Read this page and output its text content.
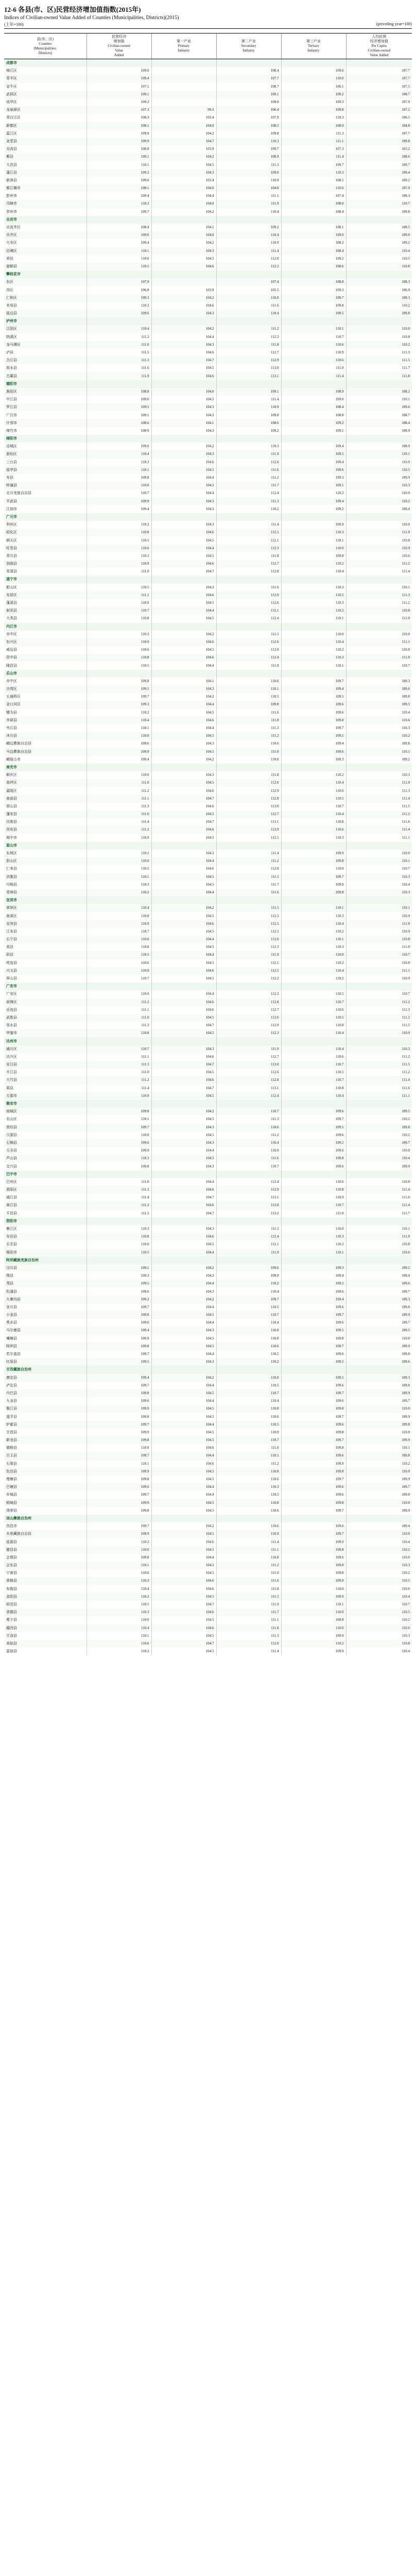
12-6 各县(市、区)民营经济增加值指数(2015年)
Indices of Civilian-owned Value Added of Counties (Municipalities, Districts)(2015)
(上年=100)	(preceding year=100)
县(市、区)
Counties
(Municipalities,
Districts)	民营经济
增加值
Civilian-owned
Value
Added	第一产业
Primary
Industry	第二产业
Secondary
Industry	第三产业
Tertiary
Industry	人均民营
经济增加值
Per Capita
Civilian-owned
Value Added
成都市					
锦江区	109.0		108.4	109.6	107.7
青羊区	109.4		107.7	110.0	107.7
金牛区	107.1		108.7	106.1	107.5
武侯区	109.1		109.1	109.2	108.7
成华区	109.2		109.0	109.3	107.9
龙泉驿区	107.3	99.3	106.4	109.8	107.2
青白江区	108.3	103.4	107.9	110.3	106.5
新都区	108.1	104.0	108.5	108.9	104.8
温江区	109.9	104.2	109.8	111.3	107.7
金堂县	109.9	104.7	110.3	111.1	109.8
双流县	108.8	103.9	109.7	107.3	103.2
郫县	109.1	104.2	108.9	111.4	108.6
大邑县	110.1	104.5	111.3	109.7	109.7
蒲江县	109.2	104.3	109.0	110.3	109.4
新津县	109.6	103.4	110.9	108.5	109.2
都江堰市	108.1	104.0	104.8	110.6	107.9
彭州市	109.4	104.4	111.1	107.4	108.3
邛崃市	110.3	104.0	111.9	108.0	110.7
崇州市	109.7	104.2	110.4	108.4	109.8
自贡市					
自流井区	108.4	104.1	109.2	108.1	108.5
贡井区	109.6	104.0	110.4	109.0	109.0
大安区	109.4	104.2	110.9	108.2	109.2
沿滩区	110.1	104.3	111.4	108.4	110.4
荣县	110.6	104.5	112.0	109.2	110.5
富顺县	110.5	104.6	112.2	108.6	110.8
攀枝花市					
东区	107.9		107.4	108.8	108.3
西区	106.8	103.9	105.5	109.3	106.9
仁和区	109.3	104.2	110.0	109.7	109.3
米易县	110.2	104.6	111.6	109.8	110.2
盐边县	109.6	104.3	110.4	109.5	109.8
泸州市					
江阳区	110.4	104.2	111.2	110.1	110.0
纳溪区	111.2	104.4	112.3	110.7	110.8
龙马潭区	111.0	104.3	111.8	110.6	110.2
泸县	111.5	104.6	112.7	110.9	111.3
合江县	111.3	104.7	112.9	110.6	111.5
叙永县	111.6	104.5	113.0	111.0	111.7
古蔺县	111.9	104.6	113.1	111.4	111.8
德阳市					
旌阳区	108.8	104.0	109.1	108.9	108.2
中江县	109.6	104.5	111.4	109.0	110.1
罗江县	109.5	104.3	110.9	108.4	109.6
广汉市	109.1	104.2	109.8	108.8	108.7
什邡市	108.6	104.1	108.6	109.2	108.4
绵竹市	108.9	104.3	109.2	109.1	108.9
绵阳市					
涪城区	109.6	104.2	110.3	109.4	108.9
游仙区	110.4	104.3	111.9	109.5	110.1
三台县	110.3	104.6	112.0	109.4	110.9
盐亭县	110.1	104.5	111.6	109.6	110.5
安县	109.8	104.4	111.2	109.3	109.9
梓潼县	110.0	104.5	111.7	109.1	110.3
北川羌族自治县	110.7	104.4	112.4	110.2	110.9
平武县	109.9	104.3	111.3	109.4	110.2
江油市	109.4	104.3	110.2	109.2	109.4
广元市					
利州区	110.2	104.3	111.4	109.9	110.0
昭化区	110.8	104.6	112.5	110.3	111.0
朝天区	110.5	104.5	112.1	110.1	110.8
旺苍县	110.6	104.4	112.3	110.0	110.9
青川县	110.3	104.5	111.8	109.8	110.6
剑阁县	110.9	104.6	112.7	110.2	111.2
苍溪县	111.0	104.7	112.8	110.4	111.4
遂宁市					
船山区	110.5	104.3	111.6	110.3	110.1
安居区	111.1	104.6	112.9	110.5	111.3
蓬溪县	110.9	104.5	112.6	110.3	111.2
射洪县	110.7	104.4	112.1	110.2	110.8
大英县	110.8	104.5	112.4	110.1	111.0
内江市					
市中区	110.3	104.2	111.5	110.0	110.0
东兴区	110.9	104.6	112.6	110.4	111.1
威远县	110.6	104.5	112.0	110.2	110.8
资中县	110.8	104.6	112.4	110.3	111.0
隆昌县	110.5	104.4	111.9	110.1	110.7
乐山市					
市中区	109.8	104.1	110.6	109.7	109.3
沙湾区	109.5	104.3	110.1	109.4	109.6
五通桥区	109.7	104.2	110.5	109.5	109.8
金口河区	109.3	104.4	109.8	109.6	109.5
犍为县	110.2	104.5	111.6	109.6	110.4
井研县	110.4	104.6	111.8	109.8	110.6
夹江县	110.1	104.4	111.3	109.7	110.3
沐川县	110.0	104.5	111.2	109.5	110.2
峨边彝族自治县	109.6	104.3	110.6	109.4	109.8
马边彝族自治县	109.9	104.5	111.0	109.6	110.1
峨眉山市	109.4	104.2	110.0	109.3	109.2
南充市					
顺庆区	110.6	104.3	111.8	110.2	110.3
高坪区	111.0	104.5	112.6	110.4	111.0
嘉陵区	111.2	104.6	112.9	110.6	111.3
南部县	111.1	104.7	112.8	110.5	111.4
营山县	111.3	104.6	113.0	110.7	111.5
蓬安县	111.0	104.5	112.7	110.4	111.2
仪陇县	111.4	104.7	113.1	110.8	111.6
西充县	111.2	104.6	112.9	110.6	111.4
阆中市	110.9	104.5	112.5	110.3	111.1
眉山市					
东坡区	110.2	104.3	111.4	109.9	110.0
彭山区	110.0	104.4	111.2	109.8	110.1
仁寿县	110.5	104.6	112.0	110.0	110.7
洪雅县	110.1	104.5	111.5	109.7	110.3
丹棱县	110.3	104.5	111.7	109.9	110.4
青神县	110.2	104.4	111.6	109.8	110.3
宜宾市					
翠屏区	110.4	104.2	111.5	110.1	110.1
南溪区	110.8	104.5	112.3	110.3	110.9
宜宾县	110.9	104.6	112.5	110.4	111.0
江安县	110.7	104.5	112.2	110.2	110.9
长宁县	110.6	104.4	112.0	110.1	110.8
高县	110.8	104.5	112.3	110.3	111.0
珙县	110.5	104.4	111.9	110.0	110.7
筠连县	110.6	104.5	112.1	110.2	110.8
兴文县	110.9	104.6	112.5	110.4	111.1
屏山县	110.7	104.5	112.2	110.2	110.9
广安市					
广安区	110.9	104.4	112.3	110.5	110.7
前锋区	111.2	104.6	112.8	110.7	111.2
岳池县	111.1	104.6	112.7	110.6	111.3
武胜县	111.0	104.5	112.6	110.5	111.2
邻水县	111.3	104.7	112.9	110.8	111.5
华蓥市	110.8	104.5	112.3	110.4	110.9
达州市					
通川区	110.7	104.3	111.9	110.4	110.3
达川区	111.1	104.6	112.7	110.6	111.2
宣汉县	111.3	104.7	113.0	110.7	111.5
开江县	111.0	104.5	112.6	110.5	111.2
大竹县	111.2	104.6	112.8	110.7	111.4
渠县	111.4	104.7	113.1	110.8	111.6
万源市	110.9	104.5	112.4	110.4	111.1
雅安市					
雨城区	109.8	104.2	110.7	109.6	109.5
名山区	110.1	104.5	111.3	109.7	110.2
荥经县	109.7	104.3	110.6	109.5	109.8
汉源县	110.0	104.5	111.2	109.6	110.2
石棉县	109.6	104.3	110.4	109.5	109.7
天全县	109.9	104.4	110.9	109.6	110.0
芦山县	110.3	104.5	111.6	109.8	110.4
宝兴县	109.8	104.3	110.7	109.6	109.9
巴中市					
巴州区	111.0	104.4	112.4	110.6	110.8
恩阳区	111.3	104.6	112.9	110.8	111.4
通江县	111.4	104.7	113.1	110.9	111.6
南江县	111.2	104.6	112.8	110.7	111.4
平昌县	111.5	104.7	113.2	111.0	111.7
资阳市					
雁江区	110.3	104.3	111.5	110.0	110.1
安岳县	110.8	104.6	112.4	110.3	111.0
乐至县	110.6	104.5	112.1	110.2	110.8
简阳市	110.5	104.4	111.9	110.1	110.6
阿坝藏族羌族自治州					
汶川县	109.1	104.2	109.6	109.3	109.2
理县	109.3	104.3	109.9	109.4	109.4
茂县	109.5	104.4	110.2	109.5	109.6
松潘县	109.6	104.3	110.4	109.6	109.7
九寨沟县	109.2	104.2	109.7	109.4	109.3
金川县	109.7	104.4	110.5	109.6	109.8
小金县	109.8	104.5	110.7	109.7	109.9
黑水县	109.6	104.4	110.4	109.6	109.7
马尔康县	109.4	104.3	110.0	109.5	109.5
壤塘县	109.9	104.5	110.8	109.8	110.0
阿坝县	109.8	104.5	110.6	109.7	109.9
若尔盖县	109.7	104.4	110.5	109.6	109.8
红原县	109.5	104.3	110.2	109.5	109.6
甘孜藏族自治州					
康定县	109.4	104.2	110.0	109.5	109.3
泸定县	109.7	104.4	110.5	109.6	109.8
丹巴县	109.8	104.5	110.7	109.7	109.9
九龙县	109.6	104.4	110.4	109.6	109.7
雅江县	109.9	104.5	110.8	109.8	110.0
道孚县	109.8	104.5	110.6	109.7	109.9
炉霍县	109.7	104.4	110.5	109.6	109.8
甘孜县	109.9	104.5	110.9	109.8	110.0
新龙县	109.8	104.5	110.7	109.7	109.9
德格县	110.0	104.6	111.0	109.8	110.1
白玉县	109.7	104.4	110.5	109.6	109.8
石渠县	110.1	104.6	111.2	109.9	110.2
色达县	109.9	104.5	110.8	109.8	110.0
理塘县	109.8	104.5	110.6	109.7	109.9
巴塘县	109.6	104.4	110.3	109.6	109.7
乡城县	109.7	104.4	110.5	109.6	109.8
稻城县	109.9	104.5	110.8	109.8	110.0
得荣县	109.8	104.5	110.6	109.7	109.9
凉山彝族自治州					
西昌市	109.7	104.2	110.6	109.6	109.4
木里藏族自治县	109.9	104.5	110.9	109.7	110.0
盐源县	110.2	104.6	111.4	109.9	110.4
德昌县	110.0	104.5	111.1	109.8	110.2
会理县	109.8	104.4	110.8	109.6	110.0
会东县	110.1	104.5	111.2	109.8	110.3
宁南县	110.0	104.5	111.0	109.8	110.2
普格县	110.3	104.6	111.6	109.9	110.5
布拖县	110.4	104.6	111.8	110.0	110.6
金阳县	110.2	104.5	111.5	109.9	110.4
昭觉县	110.5	104.7	111.9	110.1	110.7
喜德县	110.3	104.6	111.7	110.0	110.5
冕宁县	110.0	104.5	111.1	109.8	110.2
越西县	110.4	104.6	111.8	110.0	110.6
甘洛县	110.1	104.5	111.3	109.9	110.3
美姑县	110.6	104.7	112.0	110.2	110.8
雷波县	110.2	104.5	111.4	109.9	110.4
